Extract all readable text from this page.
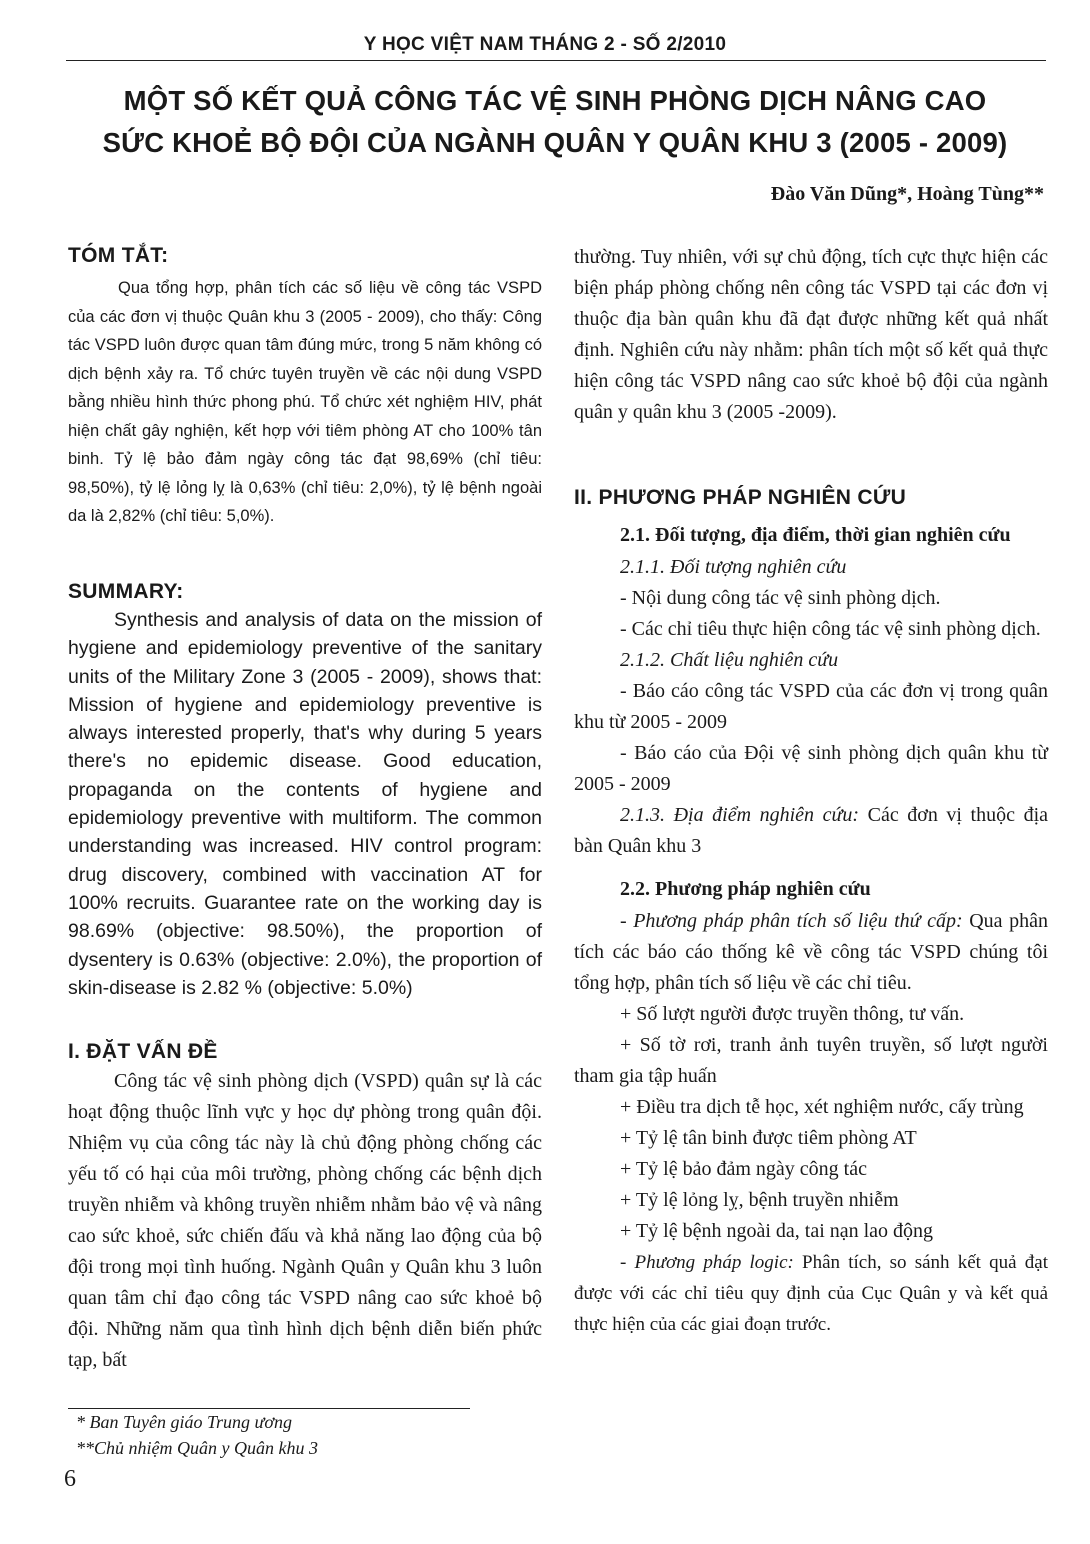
Y HỌC VIỆT NAM THÁNG 2 - SỐ 2/2010
MỘT SỐ KẾT QUẢ CÔNG TÁC VỆ SINH PHÒNG DỊCH NÂNG CAO
SỨC KHOẺ BỘ ĐỘI CỦA NGÀNH QUÂN Y QUÂN KHU 3 (2005 - 2009)
Đào Văn Dũng*, Hoàng Tùng**
TÓM TẮT:

Qua tổng hợp, phân tích các số liệu về công tác VSPD của các đơn vị thuộc Quân khu 3 (2005 - 2009), cho thấy: Công tác VSPD luôn được quan tâm đúng mức, trong 5 năm không có dịch bệnh xảy ra. Tổ chức tuyên truyền về các nội dung VSPD bằng nhiều hình thức phong phú. Tổ chức xét nghiệm HIV, phát hiện chất gây nghiện, kết hợp với tiêm phòng AT cho 100% tân binh. Tỷ lệ bảo đảm ngày công tác đạt 98,69% (chỉ tiêu: 98,50%), tỷ lệ lỏng lỵ là 0,63% (chỉ tiêu: 2,0%), tỷ lệ bệnh ngoài da là 2,82% (chỉ tiêu: 5,0%).

SUMMARY:

Synthesis and analysis of data on the mission of hygiene and epidemiology preventive of the sanitary units of the Military Zone 3 (2005 - 2009), shows that: Mission of hygiene and epidemiology preventive is always interested properly, that's why during 5 years there's no epidemic disease. Good education, propaganda on the contents of hygiene and epidemiology preventive with multiform. The common understanding was increased. HIV control program: drug discovery, combined with vaccination AT for 100% recruits. Guarantee rate on the working day is 98.69% (objective: 98.50%), the proportion of dysentery is 0.63% (objective: 2.0%), the proportion of skin-disease is 2.82 % (objective: 5.0%)

I. ĐẶT VẤN ĐỀ

Công tác vệ sinh phòng dịch (VSPD) quân sự là các hoạt động thuộc lĩnh vực y học dự phòng trong quân đội. Nhiệm vụ của công tác này là chủ động phòng chống các yếu tố có hại của môi trường, phòng chống các bệnh dịch truyền nhiễm và không truyền nhiễm nhằm bảo vệ và nâng cao sức khoẻ, sức chiến đấu và khả năng lao động của bộ đội trong mọi tình huống. Ngành Quân y Quân khu 3 luôn quan tâm chỉ đạo công tác VSPD nâng cao sức khoẻ bộ đội. Những năm qua tình hình dịch bệnh diễn biến phức tạp, bất

* Ban Tuyên giáo Trung ương
**Chủ nhiệm Quân y Quân khu 3
6

thường. Tuy nhiên, với sự chủ động, tích cực thực hiện các biện pháp phòng chống nên công tác VSPD tại các đơn vị thuộc địa bàn quân khu đã đạt được những kết quả nhất định. Nghiên cứu này nhằm: phân tích một số kết quả thực hiện công tác VSPD nâng cao sức khoẻ bộ đội của ngành quân y quân khu 3 (2005 -2009).

II. PHƯƠNG PHÁP NGHIÊN CỨU
2.1. Đối tượng, địa điểm, thời gian nghiên cứu

2.1.1. Đối tượng nghiên cứu

- Nội dung công tác vệ sinh phòng dịch.

- Các chỉ tiêu thực hiện công tác vệ sinh phòng dịch.

2.1.2. Chất liệu nghiên cứu

- Báo cáo công tác VSPD của các đơn vị trong quân khu từ 2005 - 2009

- Báo cáo của Đội vệ sinh phòng dịch quân khu từ 2005 - 2009

2.1.3. Địa điểm nghiên cứu: Các đơn vị thuộc địa bàn Quân khu 3

2.2. Phương pháp nghiên cứu

- Phương pháp phân tích số liệu thứ cấp: Qua phân tích các báo cáo thống kê về công tác VSPD chúng tôi tổng hợp, phân tích số liệu về các chỉ tiêu.

+ Số lượt người được truyền thông, tư vấn.

+ Số tờ rơi, tranh ảnh tuyên truyền, số lượt người tham gia tập huấn

+ Điều tra dịch tễ học, xét nghiệm nước, cấy trùng

+ Tỷ lệ tân binh được tiêm phòng AT

+ Tỷ lệ bảo đảm ngày công tác

+ Tỷ lệ lỏng lỵ, bệnh truyền nhiễm

+ Tỷ lệ bệnh ngoài da, tai nạn lao động

- Phương pháp logic: Phân tích, so sánh kết quả đạt được với các chỉ tiêu quy định của Cục Quân y và kết quả thực hiện của các giai đoạn trước.
